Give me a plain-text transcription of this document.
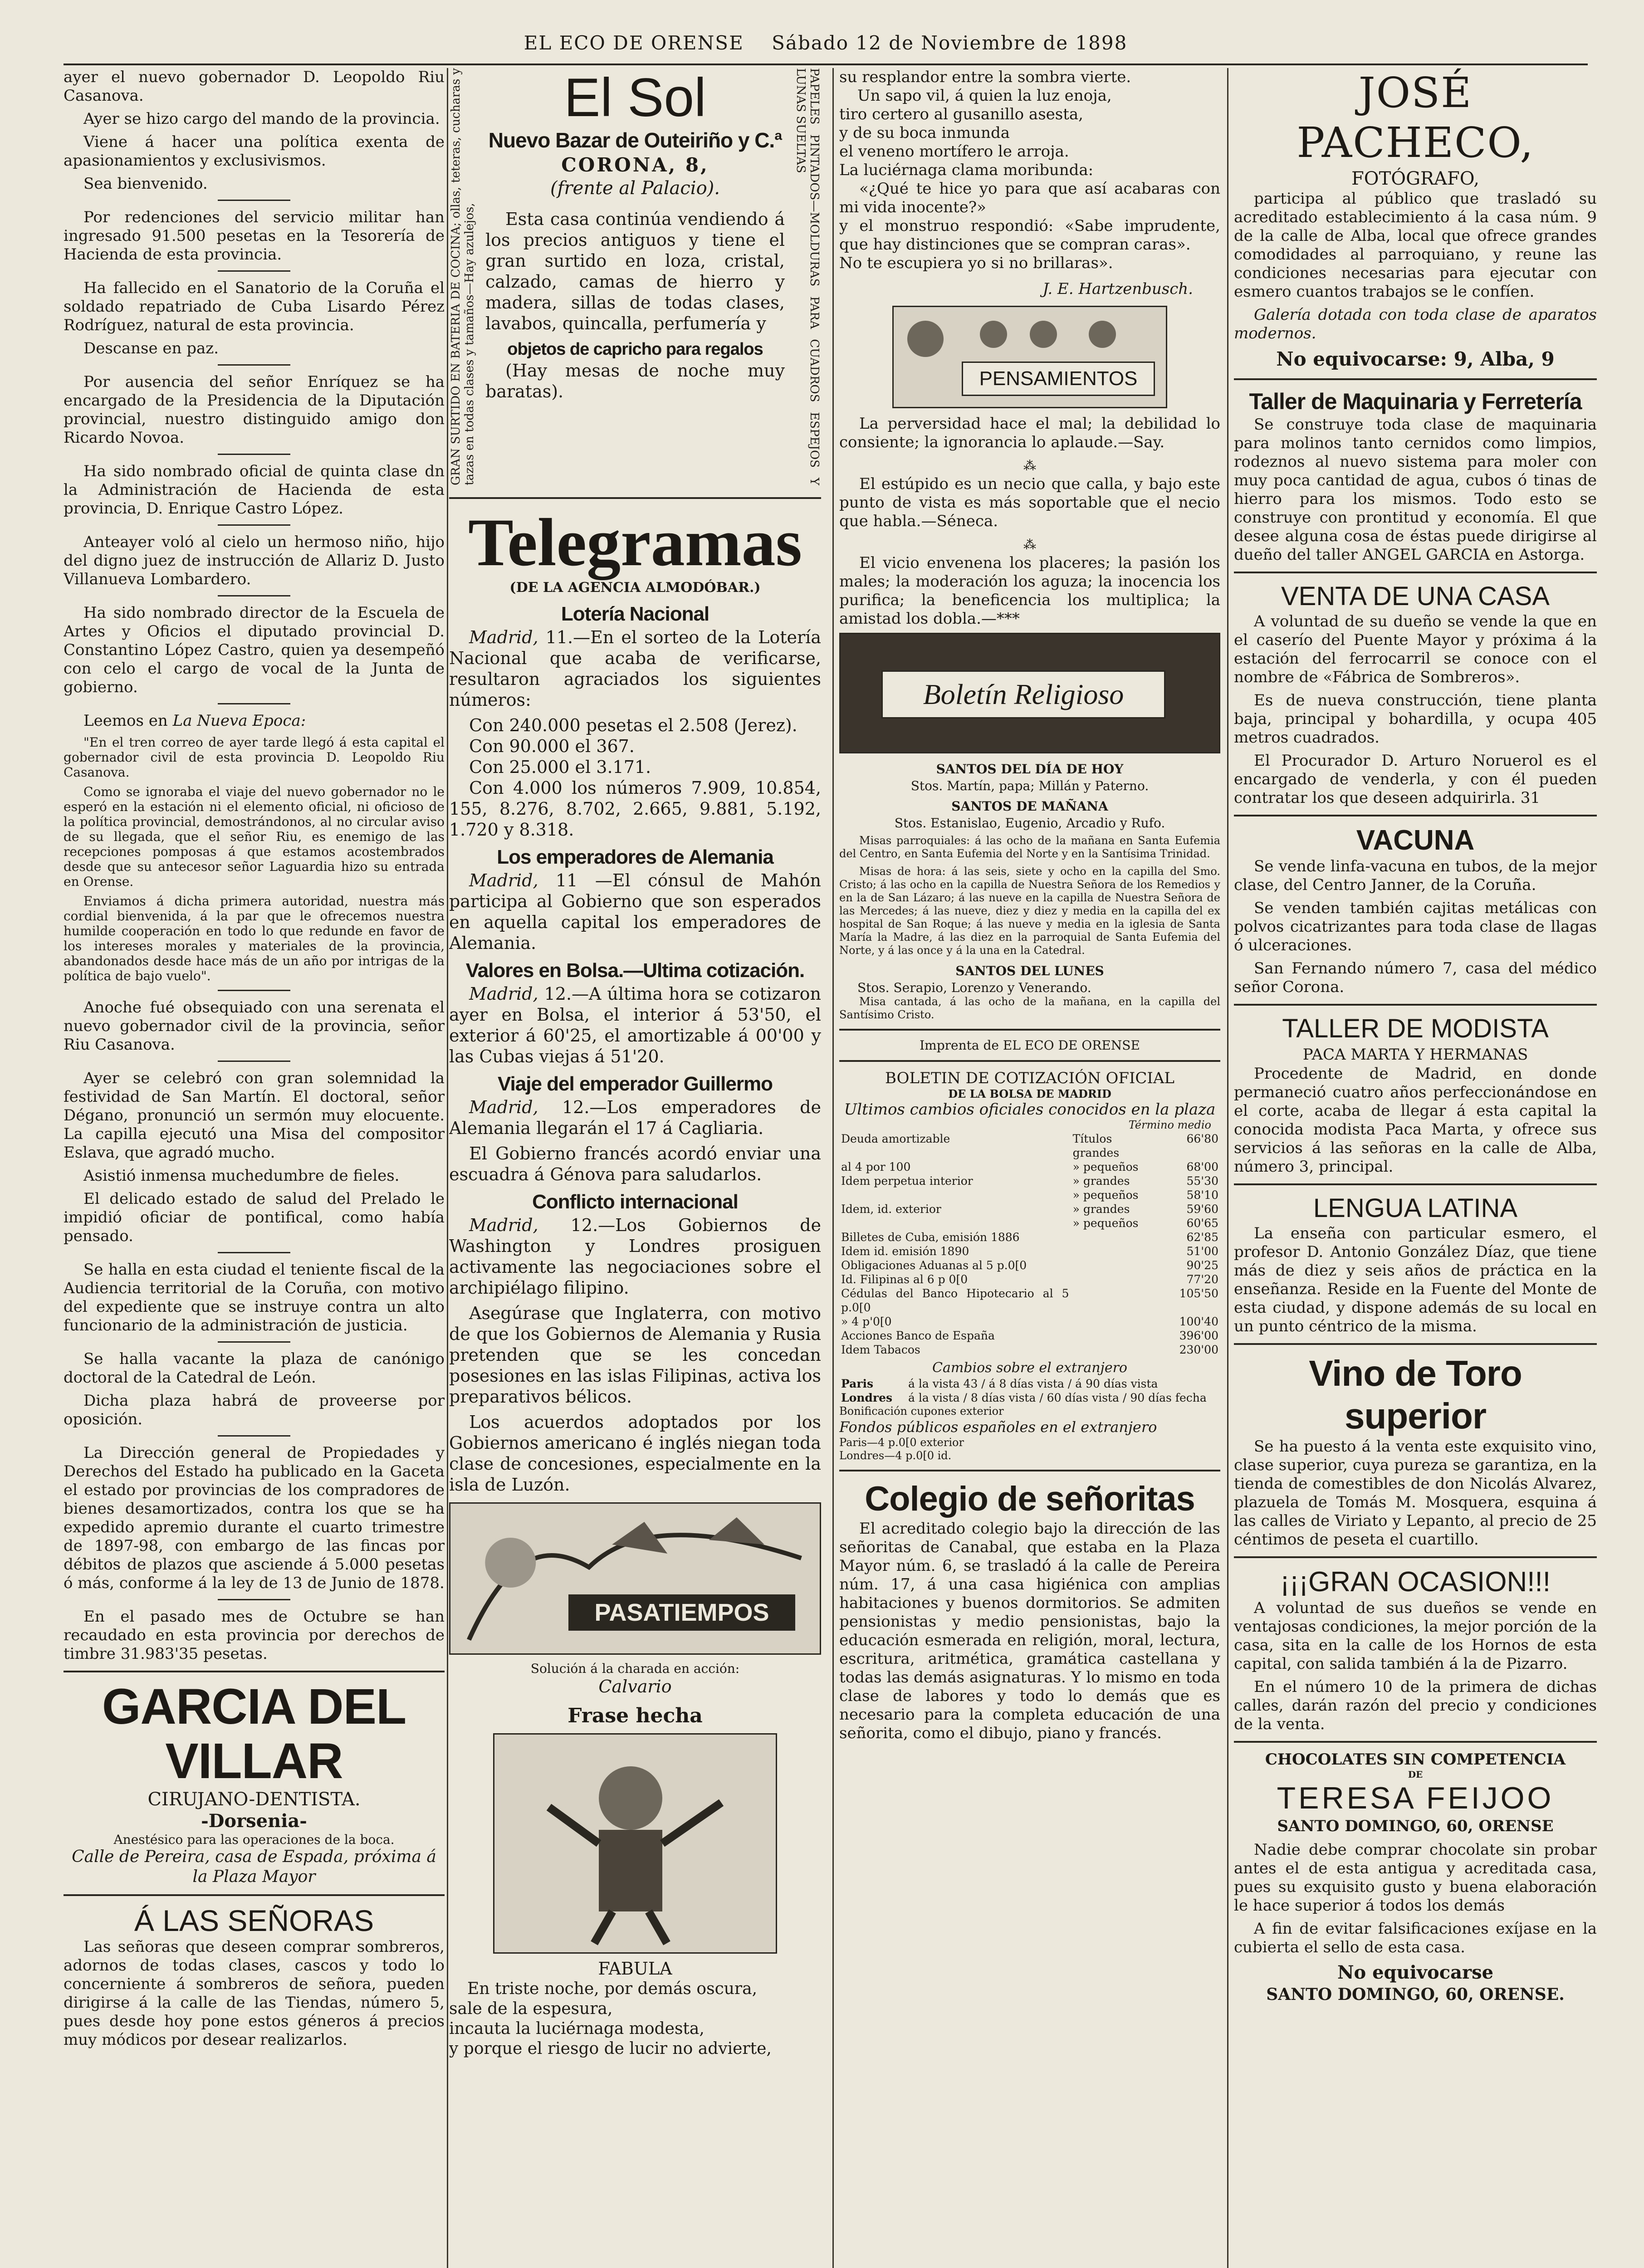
EL ECO DE ORENSE Sábado 12 de Noviembre de 1898

ayer el nuevo gobernador D. Leopoldo Riu Casanova.

Ayer se hizo cargo del mando de la provincia.

Viene á hacer una política exenta de apasionamientos y exclusivismos.

Sea bienvenido.

Por redenciones del servicio militar han ingresado 91.500 pesetas en la Tesorería de Hacienda de esta provincia.

Ha fallecido en el Sanatorio de la Coruña el soldado repatriado de Cuba Lisardo Pérez Rodríguez, natural de esta provincia.

Descanse en paz.

Por ausencia del señor Enríquez se ha encargado de la Presidencia de la Diputación provincial, nuestro distinguido amigo don Ricardo Novoa.

Ha sido nombrado oficial de quinta clase dn la Administración de Hacienda de esta provincia, D. Enrique Castro López.

Anteayer voló al cielo un hermoso niño, hijo del digno juez de instrucción de Allariz D. Justo Villanueva Lombardero.

Ha sido nombrado director de la Escuela de Artes y Oficios el diputado provincial D. Constantino López Castro, quien ya desempeñó con celo el cargo de vocal de la Junta de gobierno.

Leemos en La Nueva Epoca:

"En el tren correo de ayer tarde llegó á esta capital el gobernador civil de esta provincia D. Leopoldo Riu Casanova.

Como se ignoraba el viaje del nuevo gobernador no le esperó en la estación ni el elemento oficial, ni oficioso de la política provincial, demostrándonos, al no circular aviso de su llegada, que el señor Riu, es enemigo de las recepciones pomposas á que estamos acostembrados desde que su antecesor señor Laguardia hizo su entrada en Orense.

Enviamos á dicha primera autoridad, nuestra más cordial bienvenida, á la par que le ofrecemos nuestra humilde cooperación en todo lo que redunde en favor de los intereses morales y materiales de la provincia, abandonados desde hace más de un año por intrigas de la política de bajo vuelo".

Anoche fué obsequiado con una serenata el nuevo gobernador civil de la provincia, señor Riu Casanova.

Ayer se celebró con gran solemnidad la festividad de San Martín. El doctoral, señor Dégano, pronunció un sermón muy elocuente. La capilla ejecutó una Misa del compositor Eslava, que agradó mucho.

Asistió inmensa muchedumbre de fieles.

El delicado estado de salud del Prelado le impidió oficiar de pontifical, como había pensado.

Se halla en esta ciudad el teniente fiscal de la Audiencia territorial de la Coruña, con motivo del expediente que se instruye contra un alto funcionario de la administración de justicia.

Se halla vacante la plaza de canónigo doctoral de la Catedral de León.

Dicha plaza habrá de proveerse por oposición.

La Dirección general de Propiedades y Derechos del Estado ha publicado en la Gaceta el estado por provincias de los compradores de bienes desamortizados, contra los que se ha expedido apremio durante el cuarto trimestre de 1897-98, con embargo de las fincas por débitos de plazos que asciende á 5.000 pesetas ó más, conforme á la ley de 13 de Junio de 1878.

En el pasado mes de Octubre se han recaudado en esta provincia por derechos de timbre 31.983'35 pesetas.

GARCIA DEL VILLAR
CIRUJANO-DENTISTA.
-Dorsenia-
Anestésico para las operaciones de la boca.
Calle de Pereira, casa de Espada, próxima á la Plaza Mayor
Á LAS SEÑORAS

Las señoras que deseen comprar sombreros, adornos de todas clases, cascos y todo lo concerniente á sombreros de señora, pueden dirigirse á la calle de las Tiendas, número 5, pues desde hoy pone estos géneros á precios muy módicos por desear realizarlos.

GRAN SURTIDO EN BATERIA DE COCINA; ollas, teteras, cucharas y tazas en todas clases y tamaños—Hay azulejos,	PAPELES PINTADOS—MOLDURAS PARA CUADROS ESPEJOS Y LUNAS SUELTAS
El Sol
Nuevo Bazar de Outeiriño y C.ª
CORONA, 8,
(frente al Palacio).

Esta casa continúa vendiendo á los precios antiguos y tiene el gran surtido en loza, cristal, calzado, camas de hierro y madera, sillas de todas clases, lavabos, quincalla, perfumería y

objetos de capricho para regalos

(Hay mesas de noche muy baratas).

Telegramas
(DE LA AGENCIA ALMODÓBAR.)
Lotería Nacional

Madrid, 11.—En el sorteo de la Lotería Nacional que acaba de verificarse, resultaron agraciados los siguientes números:

Con 240.000 pesetas el 2.508 (Jerez).

Con 90.000 el 367.

Con 25.000 el 3.171.

Con 4.000 los números 7.909, 10.854, 155, 8.276, 8.702, 2.665, 9.881, 5.192, 1.720 y 8.318.

Los emperadores de Alemania

Madrid, 11 —El cónsul de Mahón participa al Gobierno que son esperados en aquella capital los emperadores de Alemania.

Valores en Bolsa.—Ultima cotización.

Madrid, 12.—A última hora se cotizaron ayer en Bolsa, el interior á 53'50, el exterior á 60'25, el amortizable á 00'00 y las Cubas viejas á 51'20.

Viaje del emperador Guillermo

Madrid, 12.—Los emperadores de Alemania llegarán el 17 á Cagliaria.

El Gobierno francés acordó enviar una escuadra á Génova para saludarlos.

Conflicto internacional

Madrid, 12.—Los Gobiernos de Washington y Londres prosiguen activamente las negociaciones sobre el archipiélago filipino.

Asegúrase que Inglaterra, con motivo de que los Gobiernos de Alemania y Rusia pretenden que se les concedan posesiones en las islas Filipinas, activa los preparativos bélicos.

Los acuerdos adoptados por los Gobiernos americano é inglés niegan toda clase de concesiones, especialmente en la isla de Luzón.

PASATIEMPOS
Solución á la charada en acción:
Calvario
Frase hecha
FABULA

En triste noche, por demás oscura,

sale de la espesura,

incauta la luciérnaga modesta,

y porque el riesgo de lucir no advierte,

su resplandor entre la sombra vierte.

Un sapo vil, á quien la luz enoja,

tiro certero al gusanillo asesta,

y de su boca inmunda

el veneno mortífero le arroja.

La luciérnaga clama moribunda:

«¿Qué te hice yo para que así acabaras con mi vida inocente?»

y el monstruo respondió: «Sabe imprudente, que hay distinciones que se compran caras».

No te escupiera yo si no brillaras».

J. E. Hartzenbusch.

PENSAMIENTOS

La perversidad hace el mal; la debilidad lo consiente; la ignorancia lo aplaude.—Say.

⁂

El estúpido es un necio que calla, y bajo este punto de vista es más soportable que el necio que habla.—Séneca.

⁂

El vicio envenena los placeres; la pasión los males; la moderación los aguza; la inocencia los purifica; la beneficencia los multiplica; la amistad los dobla.—***

Boletín Religioso
SANTOS DEL DÍA DE HOY
Stos. Martín, papa; Millán y Paterno.
SANTOS DE MAÑANA
Stos. Estanislao, Eugenio, Arcadio y Rufo.

Misas parroquiales: á las ocho de la mañana en Santa Eufemia del Centro, en Santa Eufemia del Norte y en la Santísima Trinidad.

Misas de hora: á las seis, siete y ocho en la capilla del Smo. Cristo; á las ocho en la capilla de Nuestra Señora de los Remedios y en la de San Lázaro; á las nueve en la capilla de Nuestra Señora de las Mercedes; á las nueve, diez y diez y media en la capilla del ex hospital de San Roque; á las nueve y media en la iglesia de Santa María la Madre, á las diez en la parroquial de Santa Eufemia del Norte, y á las once y á la una en la Catedral.

SANTOS DEL LUNES
Stos. Serapio, Lorenzo y Venerando.

Misa cantada, á las ocho de la mañana, en la capilla del Santísimo Cristo.

Imprenta de EL ECO DE ORENSE
BOLETIN DE COTIZACIÓN OFICIAL
DE LA BOLSA DE MADRID
Ultimos cambios oficiales conocidos en la plaza
Término medio
Deuda amortizable	Títulos grandes	66'80
al 4 por 100	» pequeños	68'00
Idem perpetua interior	» grandes	55'30
	» pequeños	58'10
Idem, id. exterior	» grandes	59'60
	» pequeños	60'65
Billetes de Cuba, emisión 1886		62'85
Idem id. emisión 1890		51'00
Obligaciones Aduanas al 5 p.0[0		90'25
Id. Filipinas al 6 p 0[0		77'20
Cédulas del Banco Hipotecario al 5 p.0[0		105'50
» 4 p'0[0		100'40
Acciones Banco de España		396'00
Idem Tabacos		230'00
Cambios sobre el extranjero
Paris	á la vista 43 / á 8 días vista / á 90 días vista
Londres	á la vista / 8 días vista / 60 días vista / 90 días fecha
Bonificación cupones exterior
Fondos públicos españoles en el extranjero
Paris—4 p.0[0 exterior
Londres—4 p.0[0 id.
Colegio de señoritas

El acreditado colegio bajo la dirección de las señoritas de Canabal, que estaba en la Plaza Mayor núm. 6, se trasladó á la calle de Pereira núm. 17, á una casa higiénica con amplias habitaciones y buenos dormitorios. Se admiten pensionistas y medio pensionistas, bajo la educación esmerada en religión, moral, lectura, escritura, aritmética, gramática castellana y todas las demás asignaturas. Y lo mismo en toda clase de labores y todo lo demás que es necesario para la completa educación de una señorita, como el dibujo, piano y francés.

JOSÉ PACHECO,
FOTÓGRAFO,

participa al público que trasladó su acreditado establecimiento á la casa núm. 9 de la calle de Alba, local que ofrece grandes comodidades al parroquiano, y reune las condiciones necesarias para ejecutar con esmero cuantos trabajos se le confíen.

Galería dotada con toda clase de aparatos modernos.

No equivocarse: 9, Alba, 9
Taller de Maquinaria y Ferretería

Se construye toda clase de maquinaria para molinos tanto cernidos como limpios, rodeznos al nuevo sistema para moler con muy poca cantidad de agua, cubos ó tinas de hierro para los mismos. Todo esto se construye con prontitud y economía. El que desee alguna cosa de éstas puede dirigirse al dueño del taller ANGEL GARCIA en Astorga.

VENTA DE UNA CASA

A voluntad de su dueño se vende la que en el caserío del Puente Mayor y próxima á la estación del ferrocarril se conoce con el nombre de «Fábrica de Sombreros».

Es de nueva construcción, tiene planta baja, principal y bohardilla, y ocupa 405 metros cuadrados.

El Procurador D. Arturo Noruerol es el encargado de venderla, y con él pueden contratar los que deseen adquirirla. 31

VACUNA

Se vende linfa-vacuna en tubos, de la mejor clase, del Centro Janner, de la Coruña.

Se venden también cajitas metálicas con polvos cicatrizantes para toda clase de llagas ó ulceraciones.

San Fernando número 7, casa del médico señor Corona.

TALLER DE MODISTA
PACA MARTA Y HERMANAS

Procedente de Madrid, en donde permaneció cuatro años perfeccionándose en el corte, acaba de llegar á esta capital la conocida modista Paca Marta, y ofrece sus servicios á las señoras en la calle de Alba, número 3, principal.

LENGUA LATINA

La enseña con particular esmero, el profesor D. Antonio González Díaz, que tiene más de diez y seis años de práctica en la enseñanza. Reside en la Fuente del Monte de esta ciudad, y dispone además de su local en un punto céntrico de la misma.

Vino de Toro superior

Se ha puesto á la venta este exquisito vino, clase superior, cuya pureza se garantiza, en la tienda de comestibles de don Nicolás Alvarez, plazuela de Tomás M. Mosquera, esquina á las calles de Viriato y Lepanto, al precio de 25 céntimos de peseta el cuartillo.

¡¡¡GRAN OCASION!!!

A voluntad de sus dueños se vende en ventajosas condiciones, la mejor porción de la casa, sita en la calle de los Hornos de esta capital, con salida también á la de Pizarro.

En el número 10 de la primera de dichas calles, darán razón del precio y condiciones de la venta.

CHOCOLATES SIN COMPETENCIA
DE
TERESA FEIJOO
SANTO DOMINGO, 60, ORENSE

Nadie debe comprar chocolate sin probar antes el de esta antigua y acreditada casa, pues su exquisito gusto y buena elaboración le hace superior á todos los demás

A fin de evitar falsificaciones exíjase en la cubierta el sello de esta casa.

No equivocarse
SANTO DOMINGO, 60, ORENSE.
